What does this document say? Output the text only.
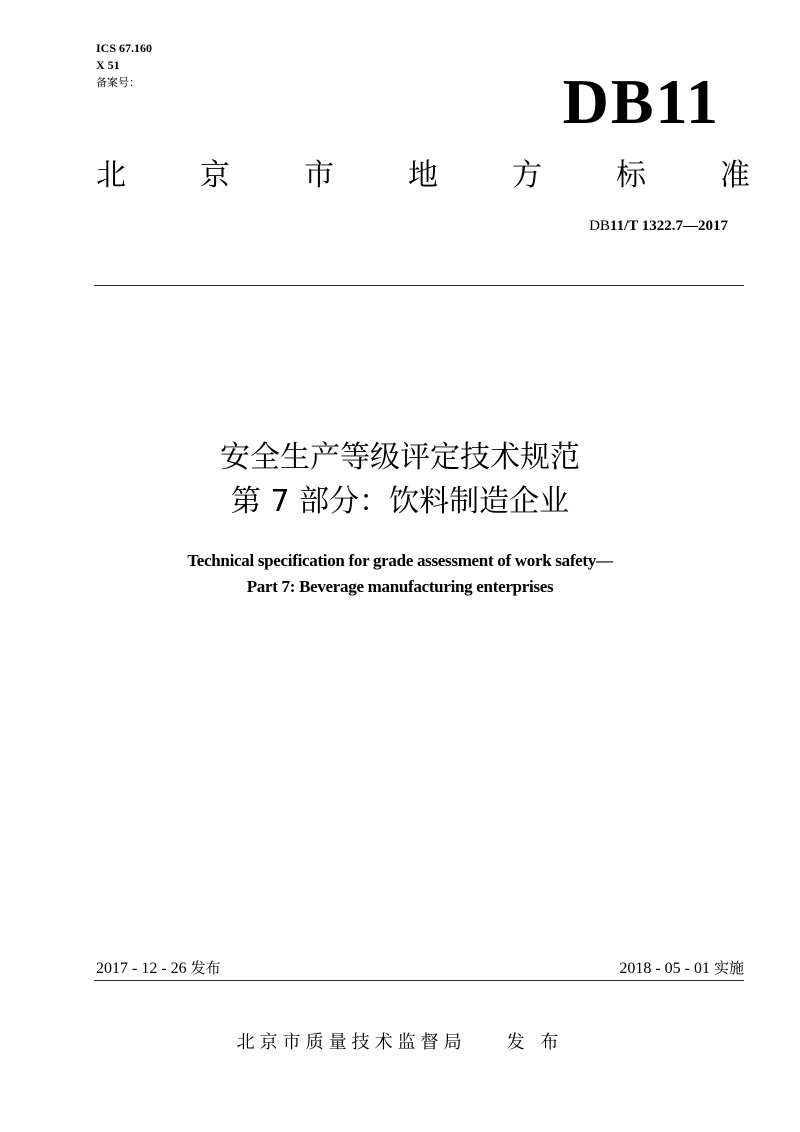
ICS 67.160
X 51
备案号：	DB11
北 京 市 地 方 标 准
DB11/T 1322.7—2017
安全生产等级评定技术规范
第 7 部分：饮料制造企业
Technical specification for grade assessment of work safety—
Part 7: Beverage manufacturing enterprises
2017 - 12 - 26 发布	2018 - 05 - 01 实施
北京市质量技术监督局 发 布
